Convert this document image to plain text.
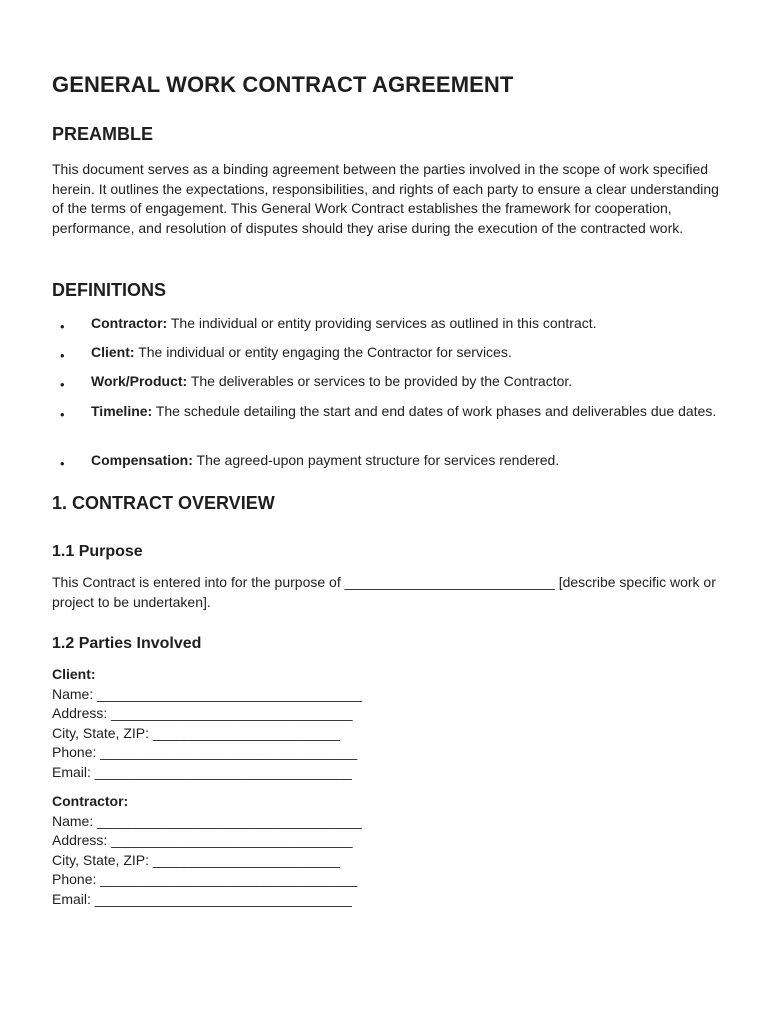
GENERAL WORK CONTRACT AGREEMENT
PREAMBLE

This document serves as a binding agreement between the parties involved in the scope of work specified herein. It outlines the expectations, responsibilities, and rights of each party to ensure a clear understanding of the terms of engagement. This General Work Contract establishes the framework for cooperation, performance, and resolution of disputes should they arise during the execution of the contracted work.

DEFINITIONS
• Contractor: The individual or entity providing services as outlined in this contract.
• Client: The individual or entity engaging the Contractor for services.
• Work/Product: The deliverables or services to be provided by the Contractor.
• Timeline: The schedule detailing the start and end dates of work phases and deliverables due dates.
• Compensation: The agreed-upon payment structure for services rendered.
1. CONTRACT OVERVIEW
1.1 Purpose

This Contract is entered into for the purpose of ___________________________ [describe specific work or project to be undertaken].

1.2 Parties Involved
Client:
Name: __________________________________
Address: _______________________________
City, State, ZIP: ________________________
Phone: _________________________________
Email: _________________________________
Contractor:
Name: __________________________________
Address: _______________________________
City, State, ZIP: ________________________
Phone: _________________________________
Email: _________________________________
